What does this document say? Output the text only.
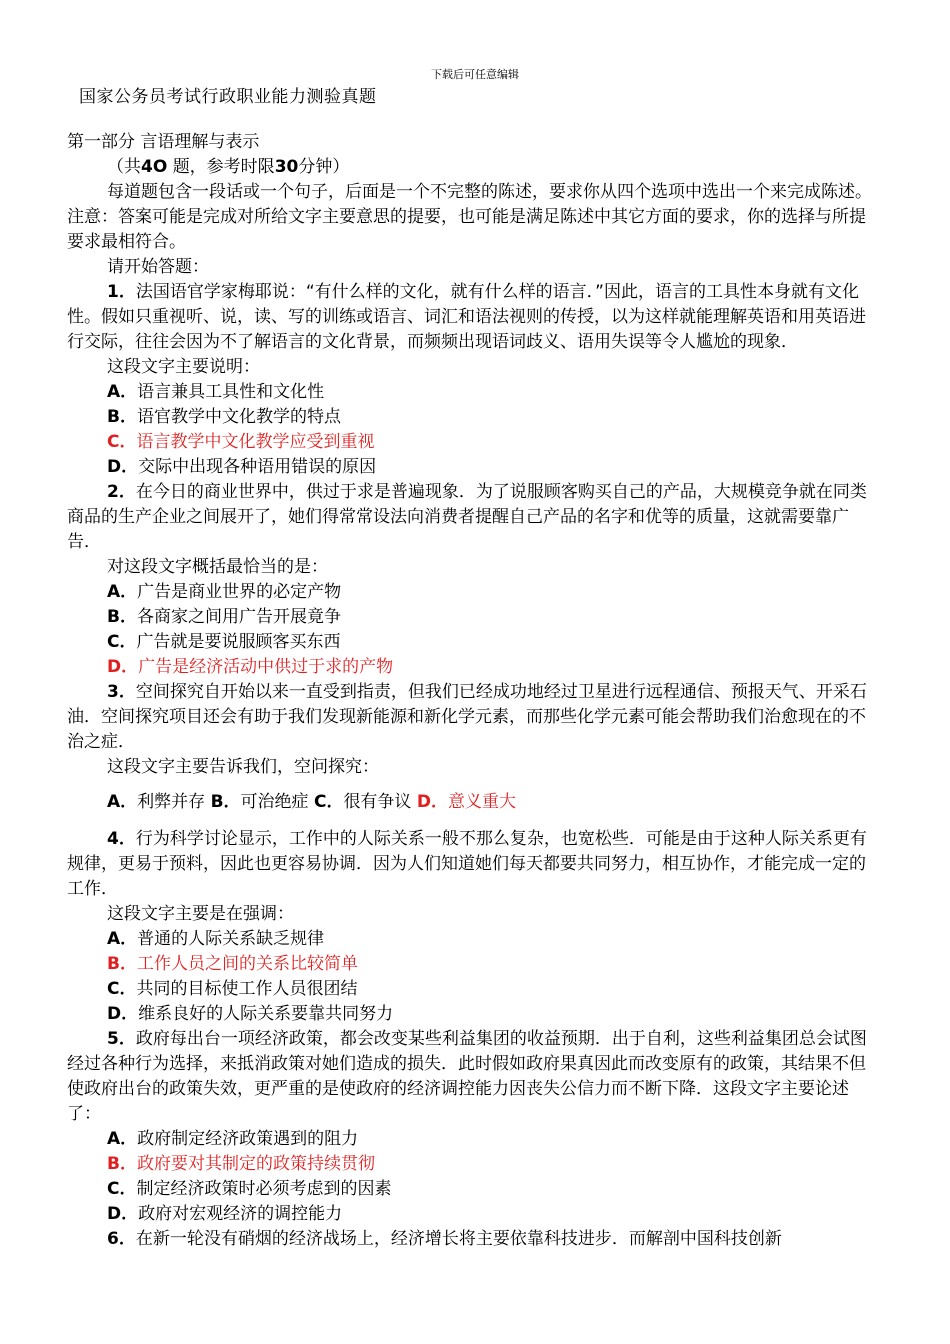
下载后可任意编辑
国家公务员考试行政职业能力测验真题

第一部分 言语理解与表示

（共4O 题，参考时限30分钟）

每道题包含一段话或一个句子，后面是一个不完整的陈述，要求你从四个选项中选出一个来完成陈述。注意：答案可能是完成对所给文字主要意思的提要，也可能是满足陈述中其它方面的要求，你的选择与所提要求最相符合。

请开始答题：

1．法国语官学家梅耶说：“有什么样的文化，就有什么样的语言．”因此，语言的工具性本身就有文化性。假如只重视听、说，读、写的训练或语言、词汇和语法视则的传授，以为这样就能理解英语和用英语进行交际，往往会因为不了解语言的文化背景，而频频出现语词歧义、语用失误等令人尴尬的现象．

这段文字主要说明：

A．语言兼具工具性和文化性

B．语官教学中文化教学的特点

C．语言教学中文化教学应受到重视

D．交际中出现各种语用错误的原因

2．在今日的商业世界中，供过于求是普遍现象．为了说服顾客购买自己的产品，大规模竞争就在同类商品的生产企业之间展开了，她们得常常设法向消费者提醒自己产品的名字和优等的质量，这就需要靠广告．

对这段文字概括最恰当的是：

A．广告是商业世界的必定产物

B．各商家之间用广告开展竟争

C．广告就是要说服顾客买东西

D．广告是经济活动中供过于求的产物

3．空间探究自开始以来一直受到指责，但我们已经成功地经过卫星进行远程通信、预报天气、开采石油．空间探究项目还会有助于我们发现新能源和新化学元素，而那些化学元素可能会帮助我们治愈现在的不治之症．

这段文字主要告诉我们，空问探究：

A．利弊并存 B．可治绝症 C．很有争议 D．意义重大

4．行为科学讨论显示，工作中的人际关系一般不那么复杂，也宽松些．可能是由于这种人际关系更有规律，更易于预料，因此也更容易协调．因为人们知道她们每天都要共同努力，相互协作，才能完成一定的工作．

这段文字主要是在强调：

A．普通的人际关系缺乏规律

B．工作人员之间的关系比较简单

C．共同的目标使工作人员很团结

D．维系良好的人际关系要靠共同努力

5．政府每出台一项经济政策，都会改变某些利益集团的收益预期．出于自利，这些利益集团总会试图经过各种行为选择，来抵消政策对她们造成的损失．此时假如政府果真因此而改变原有的政策，其结果不但使政府出台的政策失效，更严重的是使政府的经济调控能力因丧失公信力而不断下降．这段文字主要论述了：

A．政府制定经济政策遇到的阻力

B．政府要对其制定的政策持续贯彻

C．制定经济政策时必须考虑到的因素

D．政府对宏观经济的调控能力

6．在新一轮没有硝烟的经济战场上，经济增长将主要依靠科技进步．而解剖中国科技创新
